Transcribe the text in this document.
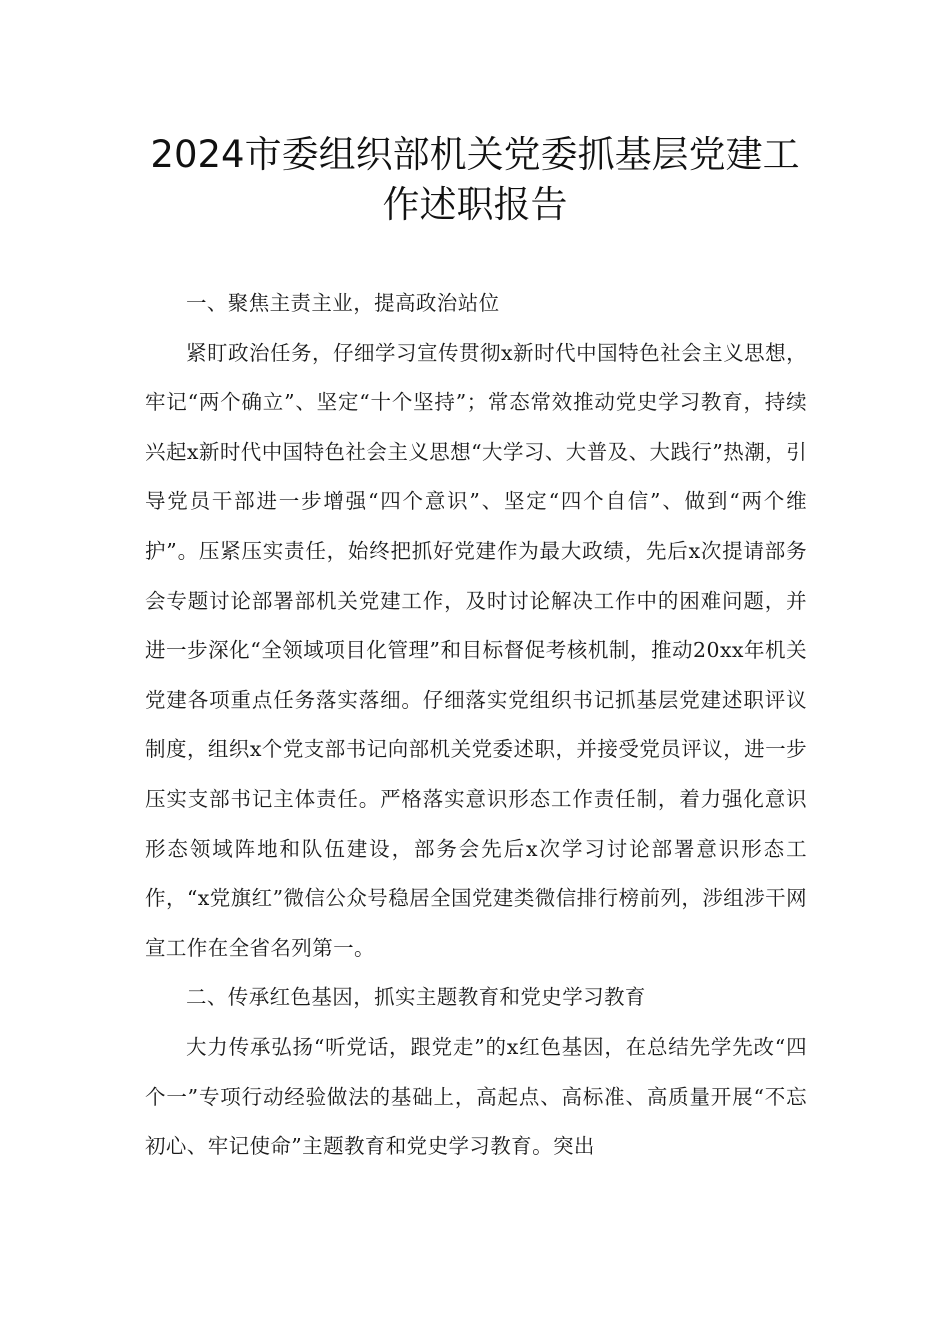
2024市委组织部机关党委抓基层党建工
作述职报告

一、聚焦主责主业，提高政治站位

紧盯政治任务，仔细学习宣传贯彻x新时代中国特色社会主义思想，牢记“两个确立”、坚定“十个坚持”；常态常效推动党史学习教育，持续兴起x新时代中国特色社会主义思想“大学习、大普及、大践行”热潮，引导党员干部进一步增强“四个意识”、坚定“四个自信”、做到“两个维护”。压紧压实责任，始终把抓好党建作为最大政绩，先后x次提请部务会专题讨论部署部机关党建工作，及时讨论解决工作中的困难问题，并进一步深化“全领域项目化管理”和目标督促考核机制，推动20xx年机关党建各项重点任务落实落细。仔细落实党组织书记抓基层党建述职评议制度，组织x个党支部书记向部机关党委述职，并接受党员评议，进一步压实支部书记主体责任。严格落实意识形态工作责任制，着力强化意识形态领域阵地和队伍建设，部务会先后x次学习讨论部署意识形态工作，“x党旗红”微信公众号稳居全国党建类微信排行榜前列，涉组涉干网宣工作在全省名列第一。

二、传承红色基因，抓实主题教育和党史学习教育

大力传承弘扬“听党话，跟党走”的x红色基因，在总结先学先改“四个一”专项行动经验做法的基础上，高起点、高标准、高质量开展“不忘初心、牢记使命”主题教育和党史学习教育。突出
